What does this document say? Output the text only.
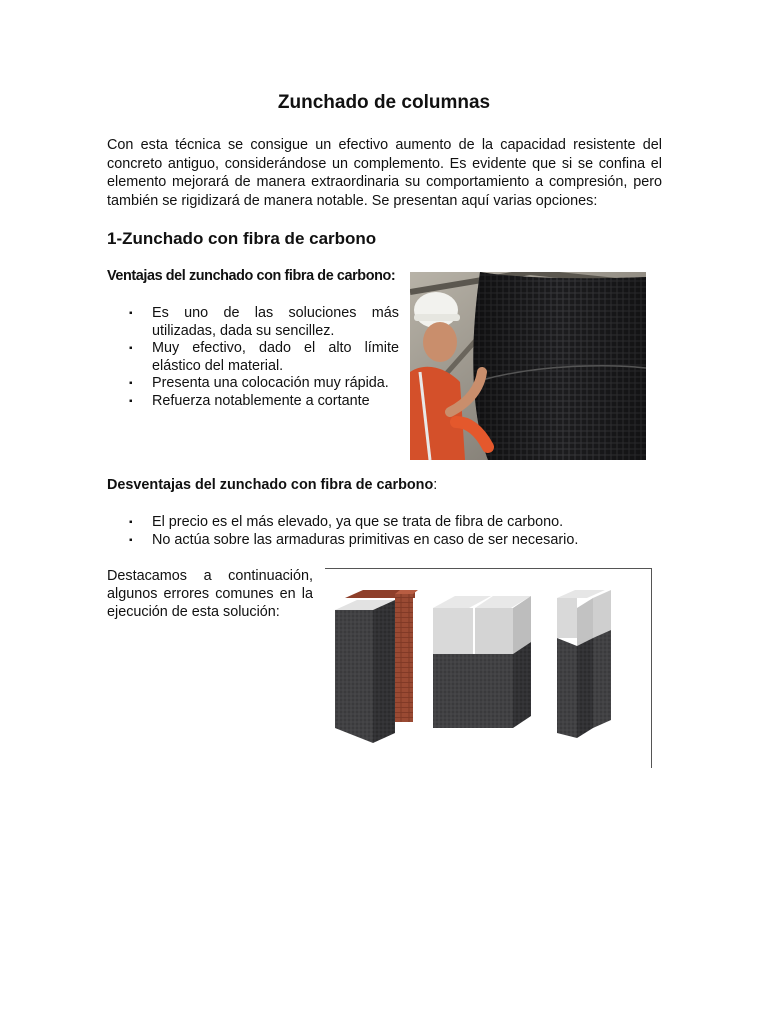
Zunchado de columnas

Con esta técnica se consigue un efectivo aumento de la capacidad resistente del concreto antiguo, considerándose un complemento. Es evidente que si se confina el elemento mejorará de manera extraordinaria su comportamiento a compresión, pero también se rigidizará de manera notable. Se presentan aquí varias opciones:

1-Zunchado con fibra de carbono

Ventajas del zunchado con fibra de carbono:

▪ Es uno de las soluciones más utilizadas, dada su sencillez.
▪ Muy efectivo, dado el alto límite elástico del material.
▪ Presenta una colocación muy rápida.
▪ Refuerza notablemente a cortante

Desventajas del zunchado con fibra de carbono:

▪ El precio es el más elevado, ya que se trata de fibra de carbono.
▪ No actúa sobre las armaduras primitivas en caso de ser necesario.

Destacamos a continuación, algunos errores comunes en la ejecución de esta solución:
